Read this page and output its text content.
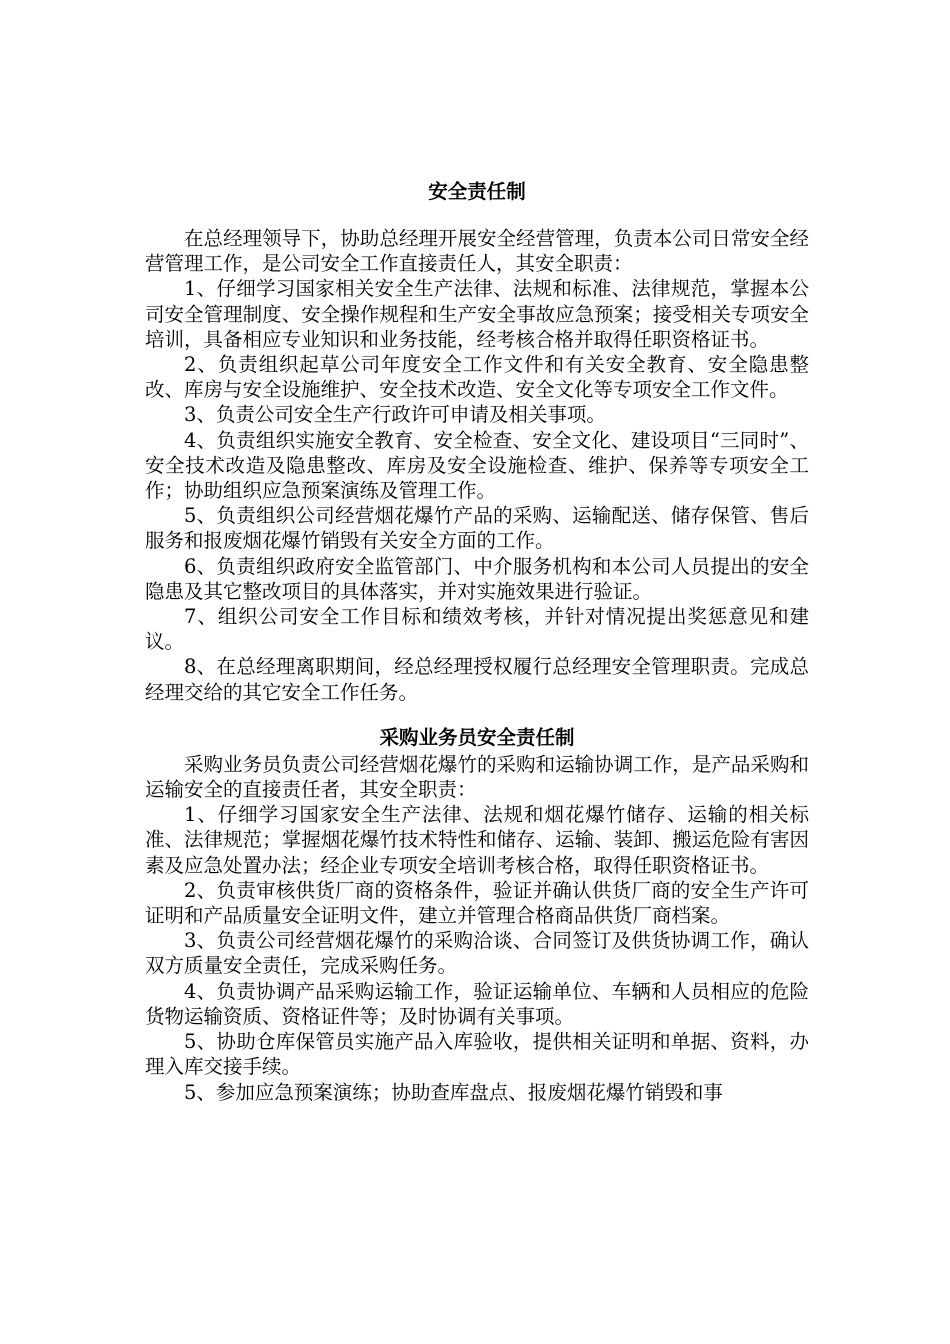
安全责任制

在总经理领导下，协助总经理开展安全经营管理，负责本公司日常安全经营管理工作，是公司安全工作直接责任人，其安全职责：

1、仔细学习国家相关安全生产法律、法规和标准、法律规范，掌握本公司安全管理制度、安全操作规程和生产安全事故应急预案；接受相关专项安全培训，具备相应专业知识和业务技能，经考核合格并取得任职资格证书。

2、负责组织起草公司年度安全工作文件和有关安全教育、安全隐患整改、库房与安全设施维护、安全技术改造、安全文化等专项安全工作文件。

3、负责公司安全生产行政许可申请及相关事项。

4、负责组织实施安全教育、安全检查、安全文化、建设项目“三同时”、安全技术改造及隐患整改、库房及安全设施检查、维护、保养等专项安全工作；协助组织应急预案演练及管理工作。

5、负责组织公司经营烟花爆竹产品的采购、运输配送、储存保管、售后服务和报废烟花爆竹销毁有关安全方面的工作。

6、负责组织政府安全监管部门、中介服务机构和本公司人员提出的安全隐患及其它整改项目的具体落实，并对实施效果进行验证。

7、组织公司安全工作目标和绩效考核，并针对情况提出奖惩意见和建议。

8、在总经理离职期间，经总经理授权履行总经理安全管理职责。完成总经理交给的其它安全工作任务。

采购业务员安全责任制

采购业务员负责公司经营烟花爆竹的采购和运输协调工作，是产品采购和运输安全的直接责任者，其安全职责：

1、仔细学习国家安全生产法律、法规和烟花爆竹储存、运输的相关标准、法律规范；掌握烟花爆竹技术特性和储存、运输、装卸、搬运危险有害因素及应急处置办法；经企业专项安全培训考核合格，取得任职资格证书。

2、负责审核供货厂商的资格条件，验证并确认供货厂商的安全生产许可证明和产品质量安全证明文件，建立并管理合格商品供货厂商档案。

3、负责公司经营烟花爆竹的采购洽谈、合同签订及供货协调工作，确认双方质量安全责任，完成采购任务。

4、负责协调产品采购运输工作，验证运输单位、车辆和人员相应的危险货物运输资质、资格证件等；及时协调有关事项。

5、协助仓库保管员实施产品入库验收，提供相关证明和单据、资料，办理入库交接手续。

5、参加应急预案演练；协助查库盘点、报废烟花爆竹销毁和事
